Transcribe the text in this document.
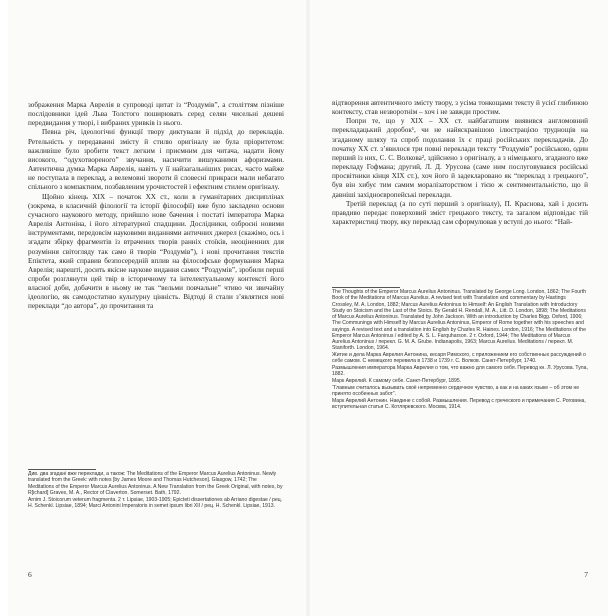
зображення Марка Аврелія в супроводі цитат із “Роздумів”, а століттям пізніше послідовники ідей Льва Толстого поширювать серед селян чисельні дешеві передвидання у творі, і вибраних уривків із нього.

Певна річ, ідеологічні функції твору диктували й підхід до перекладів. Ретельність у передаванні змісту й стилю оригіналу не була пріоритетом: важливіше було зробити текст легким і приємним для читача, надати йому високого, “одухотвореного” звучання, насичити вишуканими афоризмами. Автентична думка Марка Аврелія, навіть у її найзагальніших рисах, часто майже не поступала в переклад, а велемовні звороти й словесні прикраси мали небагато спільного з компактним, позбавленим урочистостей і ефектним стилем оригіналу.

Щойно кінець XIX – початок XX ст., коли в гуманітарних дисциплінах (зокрема, в класичній філології та історії філософії) вже було закладено основи сучасного наукового методу, прийшло нове бачення і постаті імператора Марка Аврелія Антоніна, і його літературної спадщини. Дослідники, озброєні новими інструментами, передовсім науковими виданнями античних джерел (скажімо, ось і згадати збірку фрагментів із втрачених творів ранніх стоїків, неоціненних для розуміння світогляду так само й творів “Роздумів”), і нові прочитання текстів Епіктета, який справив безпосередній вплив на філософське формування Марка Аврелія; нарешті, досить якісне наукове видання самих “Роздумів”, зробили перші спроби розглянути цей твір в історичному та інтелектуальному контексті його власної доби, добачити в ньому не так “вельми повчальне” чтиво чи звичайну ідеологію, як самодостатню культурну цінність. Відтоді й стали з’являтися нові переклади “до автора”, до прочитання та

Див. два згадані вже переклади, а також: The Meditations of the Emperor Marcus Aurelius Antoninus. Newly translated from the Greek: with notes [by James Moore and Thomas Hutcheson]. Glasgow, 1742; The Meditations of the Emperor Marcus Aurelius Antoninus. A New Translation from the Greek Original, with notes, by R[ichard] Graves, M. A., Rector of Claverton. Somerset. Bath, 1792.

Arnim J. Stoicorum veterum fragmenta. 2 т. Lipsiae, 1903-1905; Epicteti dissertationes ab Arriano digestae / рец. H. Schenkl. Lipsiae, 1894; Marci Antonini Imperatoris in semet ipsum libri XII / рец. H. Schenkl. Lipsiae, 1913.

6

відтворення автентичного змісту твору, з усіма тонкощами тексту й усієї глибиною контексту, став незворотнім – хоч і не завжди простим.

Попри те, що у XIX – XX ст. найбагатшим виявився англомовний перекладацький доробок¹, чи не найяскравішою ілюстрацією труднощів на згаданому шляху та спроб подолання їх є праці російських перекладачів. До початку XX ст. з’явилося три повні переклади тексту “Роздумів” російською, один перший із них, С. С. Волкова², здійснено з оригіналу, а з німецького, згаданого вже перекладу Гофмана; другий, Л. Д. Урусова (саме ним послуговувався російські просвітники кінця XIX ст.), хоч його й задекларовано як “переклад з грецького”, був він хибує тим самим моралізаторством і тією ж сентиментальністю, що й давніші західноєвропейські переклади.

Третій переклад (а по суті перший з оригіналу), П. Краснова, хай і досить правдиво передає поверховий зміст грецького тексту, та загалом відповідає тій характеристиці твору, яку переклад сам сформулював у вступі до нього: “Най-

The Thoughts of the Emperor Marcus Aurelius Antoninus. Translated by George Long. London, 1862; The Fourth Book of the Meditations of Marcus Aurelius. A revised text with Translation and commentary by Hastings Crossley, M. A. London, 1882; Marcus Aurelius Antoninus to Himself: An English Translation with Introductory Study on Stoicism and the Last of the Stoics. By Gerald H. Rendall, M. A., Litt. D. London, 1898; The Meditations of Marcus Aurelius Antoninus. Translated by John Jackson. With an introduction by Charles Bigg. Oxford, 1906; The Communings with Himself by Marcus Aurelius Antoninus, Emperor of Rome together with his speeches and sayings. A revised text and a translation into English by Charles R. Haines. London, 1916; The Meditations of the Emperor Marcus Antoninus / edited by A. S. L. Farquharson. 2 т. Oxford, 1944; The Meditations of Marcus Aurelius Antoninus / перекл. G. M. A. Grube. Indianapolis, 1963; Marcus Aurelius. Meditations / перекл. M. Staniforth. London, 1964.

Житие и дела Марка Аврелия Антонина, кесаря Римского, с приложением его собственных рассуждений о себе самом. С немецкого перевела в 1738 и 1739 г. С. Волков. Санкт-Петербург, 1740.

Размышления императора Марка Аврелия о том, что важно для самого себя. Перевод кн. Л. Урусова. Тула, 1882.

Марк Аврелий. К самому себе. Санкт-Петербург, 1895.

“Главным считалось вызывать своё непременно сердечное чувство, а как и на каких языке – об этом не принято особенных забот”.

Марк Аврелий Антонин. Наедине с собой. Размышления. Перевод с греческого и примечания С. Роговина, вступительная статья С. Котляревского. Москва, 1914.

7
